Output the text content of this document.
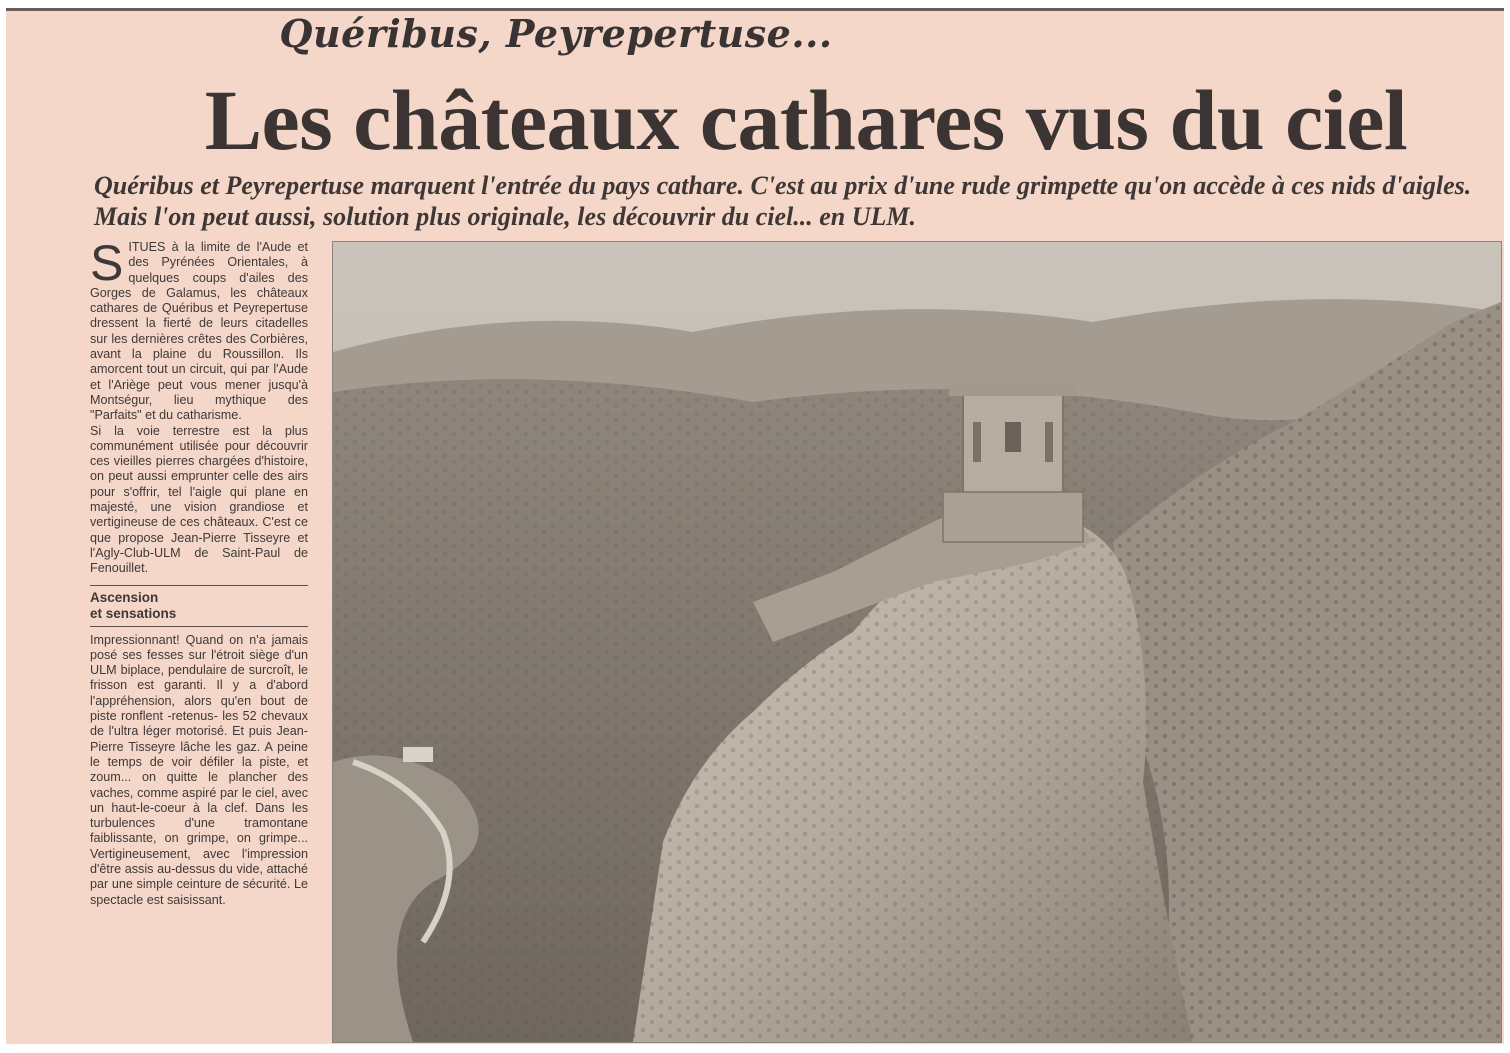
Quéribus, Peyrepertuse...
Les châteaux cathares vus du ciel
Quéribus et Peyrepertuse marquent l'entrée du pays cathare. C'est au prix d'une rude grimpette qu'on accède à ces nids d'aigles. Mais l'on peut aussi, solution plus originale, les découvrir du ciel... en ULM.

SITUES à la limite de l'Aude et des Pyrénées Orientales, à quelques coups d'ailes des Gorges de Galamus, les châteaux cathares de Quéribus et Peyrepertuse dressent la fierté de leurs citadelles sur les dernières crêtes des Corbières, avant la plaine du Roussillon. Ils amorcent tout un circuit, qui par l'Aude et l'Ariège peut vous mener jusqu'à Montségur, lieu mythique des "Parfaits" et du catharisme.

Si la voie terrestre est la plus communément utilisée pour découvrir ces vieilles pierres chargées d'histoire, on peut aussi emprunter celle des airs pour s'offrir, tel l'aigle qui plane en majesté, une vision grandiose et vertigineuse de ces châteaux. C'est ce que propose Jean-Pierre Tisseyre et l'Agly-Club-ULM de Saint-Paul de Fenouillet.

Ascension
et sensations

Impressionnant! Quand on n'a jamais posé ses fesses sur l'étroit siège d'un ULM biplace, pendulaire de surcroît, le frisson est garanti. Il y a d'abord l'appréhension, alors qu'en bout de piste ronflent -retenus- les 52 chevaux de l'ultra léger motorisé. Et puis Jean-Pierre Tisseyre lâche les gaz. A peine le temps de voir défiler la piste, et zoum... on quitte le plancher des vaches, comme aspiré par le ciel, avec un haut-le-coeur à la clef. Dans les turbulences d'une tramontane faiblissante, on grimpe, on grimpe... Vertigineusement, avec l'impression d'être assis au-dessus du vide, attaché par une simple ceinture de sécurité. Le spectacle est saisissant.
